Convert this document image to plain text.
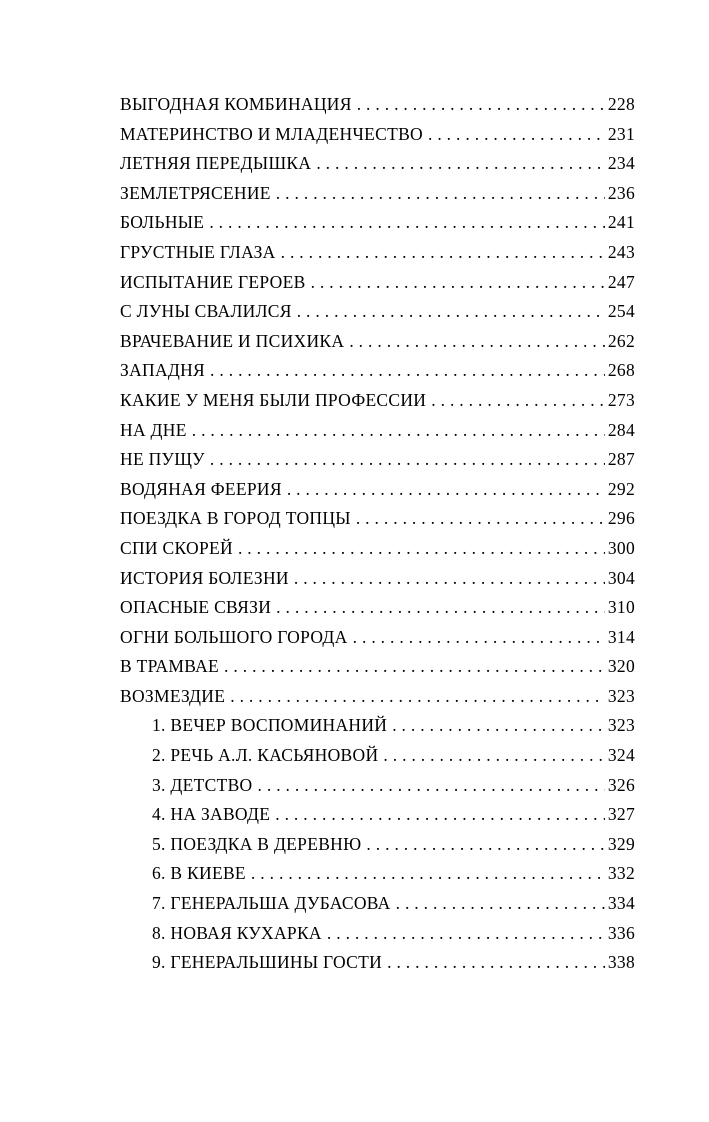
ВЫГОДНАЯ КОМБИНАЦИЯ . . .	228
МАТЕРИНСТВО И МЛАДЕНЧЕСТВО . . .	231
ЛЕТНЯЯ ПЕРЕДЫШКА . . .	234
ЗЕМЛЕТРЯСЕНИЕ . . .	236
БОЛЬНЫЕ . . .	241
ГРУСТНЫЕ ГЛАЗА . . .	243
ИСПЫТАНИЕ ГЕРОЕВ . . .	247
С ЛУНЫ СВАЛИЛСЯ . . .	254
ВРАЧЕВАНИЕ И ПСИХИКА . . .	262
ЗАПАДНЯ . . .	268
КАКИЕ У МЕНЯ БЫЛИ ПРОФЕССИИ . . .	273
НА ДНЕ . . .	284
НЕ ПУЩУ . . .	287
ВОДЯНАЯ ФЕЕРИЯ . . .	292
ПОЕЗДКА В ГОРОД ТОПЦЫ . . .	296
СПИ СКОРЕЙ . . .	300
ИСТОРИЯ БОЛЕЗНИ . . .	304
ОПАСНЫЕ СВЯЗИ . . .	310
ОГНИ БОЛЬШОГО ГОРОДА . . .	314
В ТРАМВАЕ . . .	320
ВОЗМЕЗДИЕ . . .	323
1. ВЕЧЕР ВОСПОМИНАНИЙ . . .	323
2. РЕЧЬ А.Л. КАСЬЯНОВОЙ . . .	324
3. ДЕТСТВО . . .	326
4. НА ЗАВОДЕ . . .	327
5. ПОЕЗДКА В ДЕРЕВНЮ . . .	329
6. В КИЕВЕ . . .	332
7. ГЕНЕРАЛЬША ДУБАСОВА . . .	334
8. НОВАЯ КУХАРКА . . .	336
9. ГЕНЕРАЛЬШИНЫ ГОСТИ . . .	338
